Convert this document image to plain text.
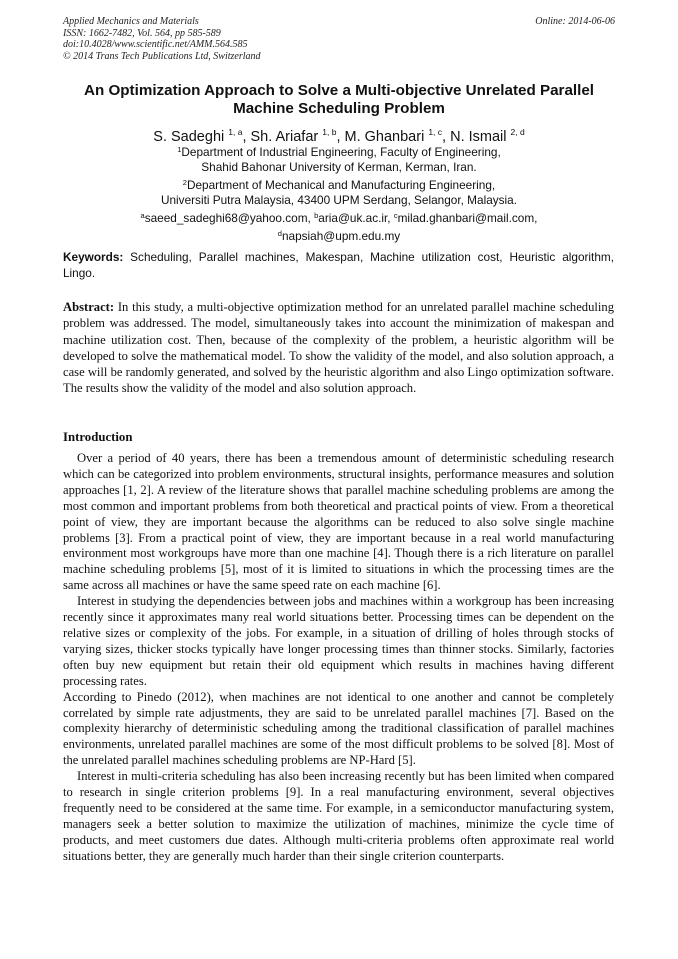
Applied Mechanics and Materials
ISSN: 1662-7482, Vol. 564, pp 585-589
doi:10.4028/www.scientific.net/AMM.564.585
© 2014 Trans Tech Publications Ltd, Switzerland
Online: 2014-06-06
An Optimization Approach to Solve a Multi-objective Unrelated Parallel
Machine Scheduling Problem
S. Sadeghi $^{1, a}$, Sh. Ariafar $^{1, b}$, M. Ghanbari $^{1, c}$, N. Ismail $^{2, d}$
$^1$Department of Industrial Engineering, Faculty of Engineering,
Shahid Bahonar University of Kerman, Kerman, Iran.
$^2$Department of Mechanical and Manufacturing Engineering,
Universiti Putra Malaysia, 43400 UPM Serdang, Selangor, Malaysia.
$^a$saeed_sadeghi68@yahoo.com, $^b$aria@uk.ac.ir, $^c$milad.ghanbari@mail.com,
$^d$napsiah@upm.edu.my

Keywords: Scheduling, Parallel machines, Makespan, Machine utilization cost, Heuristic algorithm, Lingo.

Abstract: In this study, a multi-objective optimization method for an unrelated parallel machine scheduling problem was addressed. The model, simultaneously takes into account the minimization of makespan and machine utilization cost. Then, because of the complexity of the problem, a heuristic algorithm will be developed to solve the mathematical model. To show the validity of the model, and also solution approach, a case will be randomly generated, and solved by the heuristic algorithm and also Lingo optimization software. The results show the validity of the model and also solution approach.

Introduction

Over a period of 40 years, there has been a tremendous amount of deterministic scheduling research which can be categorized into problem environments, structural insights, performance measures and solution approaches [1, 2]. A review of the literature shows that parallel machine scheduling problems are among the most common and important problems from both theoretical and practical points of view. From a theoretical point of view, they are important because the algorithms can be reduced to also solve single machine problems [3]. From a practical point of view, they are important because in a real world manufacturing environment most workgroups have more than one machine [4]. Though there is a rich literature on parallel machine scheduling problems [5], most of it is limited to situations in which the processing times are the same across all machines or have the same speed rate on each machine [6].

Interest in studying the dependencies between jobs and machines within a workgroup has been increasing recently since it approximates many real world situations better. Processing times can be dependent on the relative sizes or complexity of the jobs. For example, in a situation of drilling of holes through stocks of varying sizes, thicker stocks typically have longer processing times than thinner stocks. Similarly, factories often buy new equipment but retain their old equipment which results in machines having different processing rates.

According to Pinedo (2012), when machines are not identical to one another and cannot be completely correlated by simple rate adjustments, they are said to be unrelated parallel machines [7]. Based on the complexity hierarchy of deterministic scheduling among the traditional classification of parallel machines environments, unrelated parallel machines are some of the most difficult problems to be solved [8]. Most of the unrelated parallel machines scheduling problems are NP-Hard [5].

Interest in multi-criteria scheduling has also been increasing recently but has been limited when compared to research in single criterion problems [9]. In a real manufacturing environment, several objectives frequently need to be considered at the same time. For example, in a semiconductor manufacturing system, managers seek a better solution to maximize the utilization of machines, minimize the cycle time of products, and meet customers due dates. Although multi-criteria problems often approximate real world situations better, they are generally much harder than their single criterion counterparts.
